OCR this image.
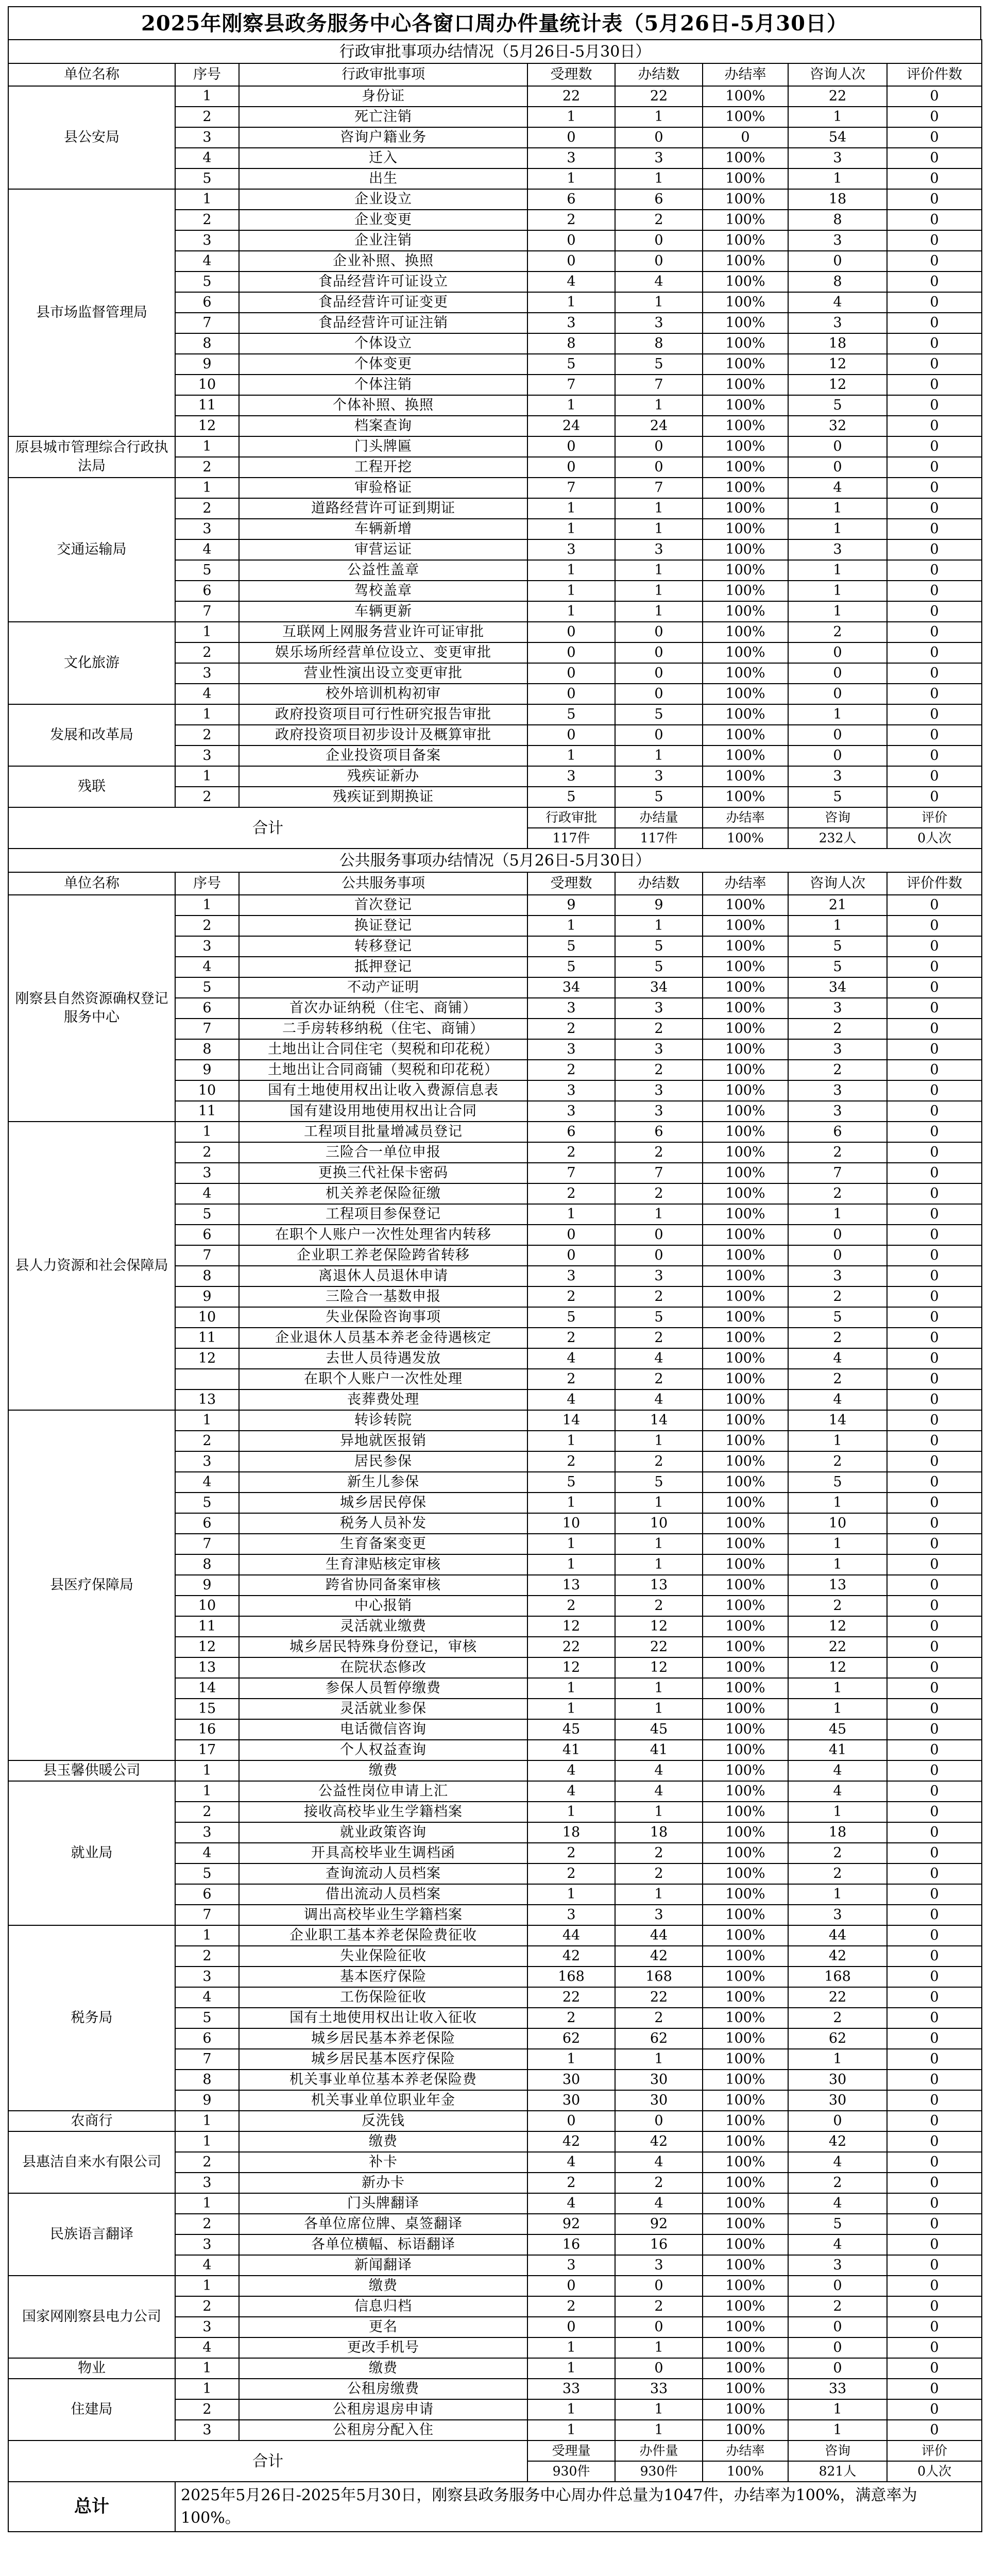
2025年刚察县政务服务中心各窗口周办件量统计表（5月26日-5月30日）
行政审批事项办结情况（5月26日-5月30日）							
单位名称	序号	行政审批事项	受理数	办结数	办结率	咨询人次	评价件数
县公安局	1	身份证	22	22	100%	22	0
	2	死亡注销	1	1	100%	1	0
	3	咨询户籍业务	0	0	0	54	0
	4	迁入	3	3	100%	3	0
	5	出生	1	1	100%	1	0
县市场监督管理局	1	企业设立	6	6	100%	18	0
	2	企业变更	2	2	100%	8	0
	3	企业注销	0	0	100%	3	0
	4	企业补照、换照	0	0	100%	0	0
	5	食品经营许可证设立	4	4	100%	8	0
	6	食品经营许可证变更	1	1	100%	4	0
	7	食品经营许可证注销	3	3	100%	3	0
	8	个体设立	8	8	100%	18	0
	9	个体变更	5	5	100%	12	0
	10	个体注销	7	7	100%	12	0
	11	个体补照、换照	1	1	100%	5	0
	12	档案查询	24	24	100%	32	0
原县城市管理综合行政执法局	1	门头牌匾	0	0	100%	0	0
	2	工程开挖	0	0	100%	0	0
交通运输局	1	审验格证	7	7	100%	4	0
	2	道路经营许可证到期证	1	1	100%	1	0
	3	车辆新增	1	1	100%	1	0
	4	审营运证	3	3	100%	3	0
	5	公益性盖章	1	1	100%	1	0
	6	驾校盖章	1	1	100%	1	0
	7	车辆更新	1	1	100%	1	0
文化旅游	1	互联网上网服务营业许可证审批	0	0	100%	2	0
	2	娱乐场所经营单位设立、变更审批	0	0	100%	0	0
	3	营业性演出设立变更审批	0	0	100%	0	0
	4	校外培训机构初审	0	0	100%	0	0
发展和改革局	1	政府投资项目可行性研究报告审批	5	5	100%	1	0
	2	政府投资项目初步设计及概算审批	0	0	100%	0	0
	3	企业投资项目备案	1	1	100%	0	0
残联	1	残疾证新办	3	3	100%	3	0
	2	残疾证到期换证	5	5	100%	5	0
合计			行政审批	办结量	办结率	咨询	评价
			117件	117件	100%	232人	0人次
公共服务事项办结情况（5月26日-5月30日）							
单位名称	序号	公共服务事项	受理数	办结数	办结率	咨询人次	评价件数
刚察县自然资源确权登记服务中心	1	首次登记	9	9	100%	21	0
	2	换证登记	1	1	100%	1	0
	3	转移登记	5	5	100%	5	0
	4	抵押登记	5	5	100%	5	0
	5	不动产证明	34	34	100%	34	0
	6	首次办证纳税（住宅、商铺）	3	3	100%	3	0
	7	二手房转移纳税（住宅、商铺）	2	2	100%	2	0
	8	土地出让合同住宅（契税和印花税）	3	3	100%	3	0
	9	土地出让合同商铺（契税和印花税）	2	2	100%	2	0
	10	国有土地使用权出让收入费源信息表	3	3	100%	3	0
	11	国有建设用地使用权出让合同	3	3	100%	3	0
县人力资源和社会保障局	1	工程项目批量增减员登记	6	6	100%	6	0
	2	三险合一单位申报	2	2	100%	2	0
	3	更换三代社保卡密码	7	7	100%	7	0
	4	机关养老保险征缴	2	2	100%	2	0
	5	工程项目参保登记	1	1	100%	1	0
	6	在职个人账户一次性处理省内转移	0	0	100%	0	0
	7	企业职工养老保险跨省转移	0	0	100%	0	0
	8	离退休人员退休申请	3	3	100%	3	0
	9	三险合一基数申报	2	2	100%	2	0
	10	失业保险咨询事项	5	5	100%	5	0
	11	企业退休人员基本养老金待遇核定	2	2	100%	2	0
	12	去世人员待遇发放	4	4	100%	4	0
		在职个人账户一次性处理	2	2	100%	2	0
	13	丧葬费处理	4	4	100%	4	0
县医疗保障局	1	转诊转院	14	14	100%	14	0
	2	异地就医报销	1	1	100%	1	0
	3	居民参保	2	2	100%	2	0
	4	新生儿参保	5	5	100%	5	0
	5	城乡居民停保	1	1	100%	1	0
	6	税务人员补发	10	10	100%	10	0
	7	生育备案变更	1	1	100%	1	0
	8	生育津贴核定审核	1	1	100%	1	0
	9	跨省协同备案审核	13	13	100%	13	0
	10	中心报销	2	2	100%	2	0
	11	灵活就业缴费	12	12	100%	12	0
	12	城乡居民特殊身份登记，审核	22	22	100%	22	0
	13	在院状态修改	12	12	100%	12	0
	14	参保人员暂停缴费	1	1	100%	1	0
	15	灵活就业参保	1	1	100%	1	0
	16	电话微信咨询	45	45	100%	45	0
	17	个人权益查询	41	41	100%	41	0
县玉馨供暖公司	1	缴费	4	4	100%	4	0
就业局	1	公益性岗位申请上汇	4	4	100%	4	0
	2	接收高校毕业生学籍档案	1	1	100%	1	0
	3	就业政策咨询	18	18	100%	18	0
	4	开具高校毕业生调档函	2	2	100%	2	0
	5	查询流动人员档案	2	2	100%	2	0
	6	借出流动人员档案	1	1	100%	1	0
	7	调出高校毕业生学籍档案	3	3	100%	3	0
税务局	1	企业职工基本养老保险费征收	44	44	100%	44	0
	2	失业保险征收	42	42	100%	42	0
	3	基本医疗保险	168	168	100%	168	0
	4	工伤保险征收	22	22	100%	22	0
	5	国有土地使用权出让收入征收	2	2	100%	2	0
	6	城乡居民基本养老保险	62	62	100%	62	0
	7	城乡居民基本医疗保险	1	1	100%	1	0
	8	机关事业单位基本养老保险费	30	30	100%	30	0
	9	机关事业单位职业年金	30	30	100%	30	0
农商行	1	反洗钱	0	0	100%	0	0
县惠洁自来水有限公司	1	缴费	42	42	100%	42	0
	2	补卡	4	4	100%	4	0
	3	新办卡	2	2	100%	2	0
民族语言翻译	1	门头牌翻译	4	4	100%	4	0
	2	各单位席位牌、桌签翻译	92	92	100%	5	0
	3	各单位横幅、标语翻译	16	16	100%	4	0
	4	新闻翻译	3	3	100%	3	0
国家网刚察县电力公司	1	缴费	0	0	100%	0	0
	2	信息归档	2	2	100%	2	0
	3	更名	0	0	100%	0	0
	4	更改手机号	1	1	100%	0	0
物业	1	缴费	1	0	100%	0	0
住建局	1	公租房缴费	33	33	100%	33	0
	2	公租房退房申请	1	1	100%	1	0
	3	公租房分配入住	1	1	100%	1	0
合计			受理量	办件量	办结率	咨询	评价
			930件	930件	100%	821人	0人次
总计	2025年5月26日-2025年5月30日，刚察县政务服务中心周办件总量为1047件，办结率为100%，满意率为100%。						
